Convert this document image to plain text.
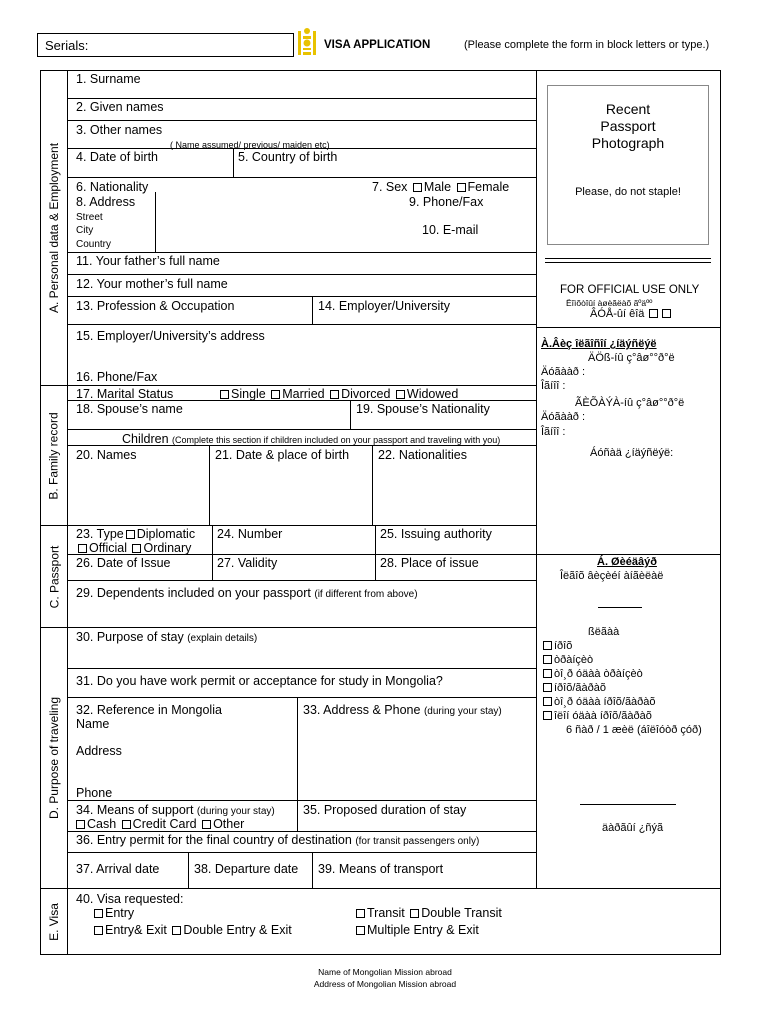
Serials:	VISA APPLICATION	(Please complete the form in block letters or type.)
A. Personal data & Employment
B. Family record
C. Passport
D. Purpose of traveling
E. Visa
1. Surname
2. Given names
3. Other names
( Name assumed/ previous/ maiden etc)
4. Date of birth	5. Country of birth
6. Nationality	7. Sex Male Female
8. Address
Street
City
Country
9. Phone/Fax
10. E-mail
11. Your father’s full name
12. Your mother’s full name
13. Profession & Occupation	14. Employer/University
15. Employer/University’s address
16. Phone/Fax
17. Marital Status	Single Married Divorced Widowed
18. Spouse’s name	19. Spouse’s Nationality
Children (Complete this section if children included on your passport and traveling with you)
20. Names	21. Date & place of birth 22. Nationalities
23. Type Diplomatic
Official Ordinary
24. Number	25. Issuing authority
26. Date of Issue	27. Validity	28. Place of issue
29. Dependents included on your passport (if different from above)
30. Purpose of stay (explain details)
31. Do you have work permit or acceptance for study in Mongolia?
32. Reference in Mongolia
Name
Address
Phone
33. Address & Phone (during your stay)
34. Means of support (during your stay)
Cash Credit Card Other
35. Proposed duration of stay
36. Entry permit for the final country of destination (for transit passengers only)
37. Arrival date	38. Departure date 39. Means of transport
40. Visa requested:
Entry
Entry& Exit Double Entry & Exit
Transit Double Transit
Multiple Entry & Exit
Recent
Passport
Photograph
Please, do not staple!
FOR OFFICIAL USE ONLY
Ëîìõòîûí àøèãëàõ ãºäºº
ÂÓÅ-ûí êîä
À.Âèç îëãîñîí ¿íäýñëýë
ÄÖß-íû ç°âø°°ð°ë
Äóãààð :
Îãíîî :
ÃÈÕÀÝÀ-íû ç°âø°°ð°ë
Äóãààð :
Îãíîî :
Áóñàä ¿íäýñëýë:
Á. Øèéäâýð
Îëãîõ âèçèéí àíãèëàë
ßëãàà
íðîõ
òðàíçèò
òî¸ð óäàà òðàíçèò
íðîõ/ãàðàõ
òî¸ð óäàà íðîõ/ãàðàõ
îëîí óäàà íðîõ/ãàðàõ
6 ñàð / 1 æèë (áîëîóòð çóð)
äàðãûí ¿ñýã
Name of Mongolian Mission abroad
Address of Mongolian Mission abroad
